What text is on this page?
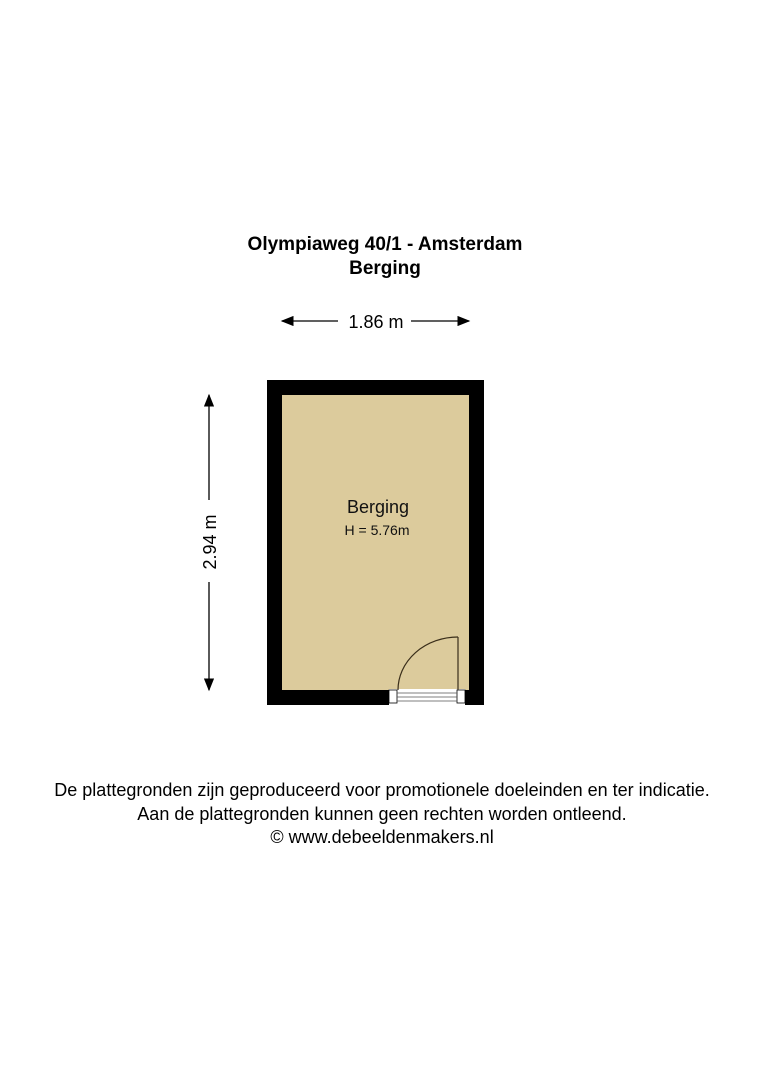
Olympiaweg 40/1 - Amsterdam
Berging
1.86 m
2.94 m
Berging
H = 5.76m
De plattegronden zijn geproduceerd voor promotionele doeleinden en ter indicatie.
Aan de plattegronden kunnen geen rechten worden ontleend.
© www.debeeldenmakers.nl
